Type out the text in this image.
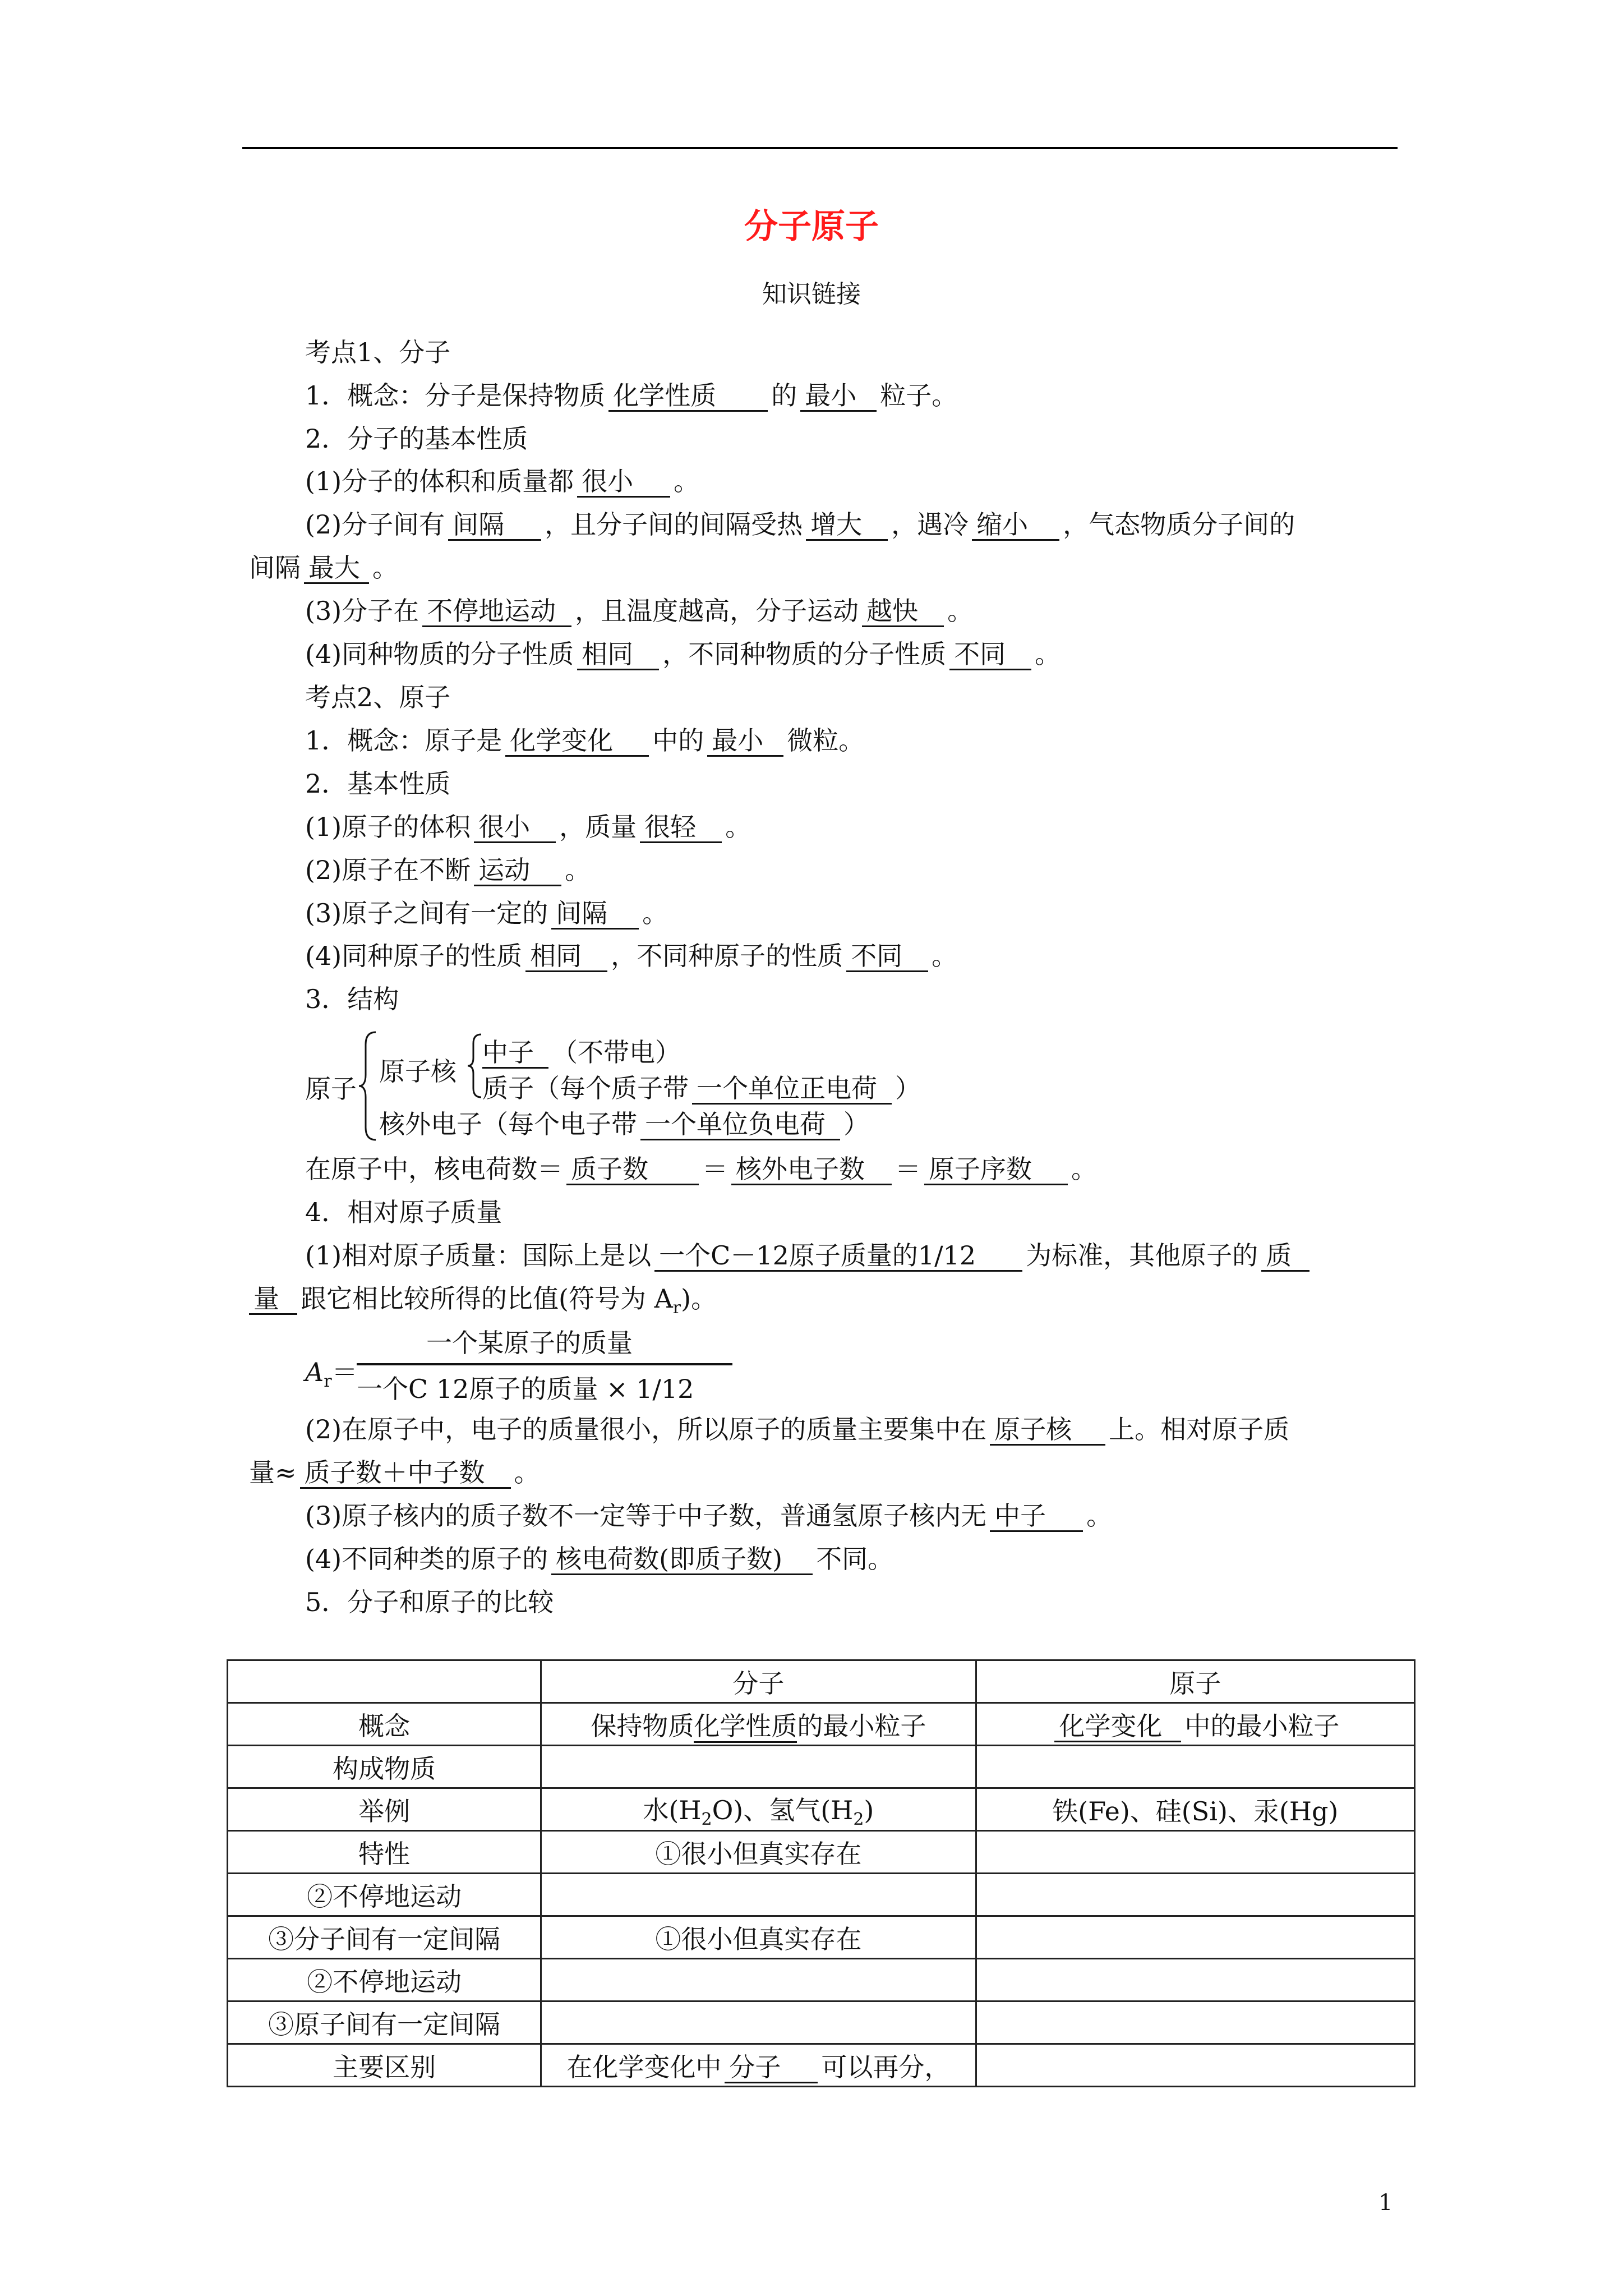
分子原子
知识链接
考点1、分子
1．概念：分子是保持物质 化学性质 的 最小 粒子。
2．分子的基本性质
(1)分子的体积和质量都 很小 。
(2)分子间有 间隔 ，且分子间的间隔受热 增大 ，遇冷 缩小 ，气态物质分子间的
间隔 最大 。
(3)分子在 不停地运动 ，且温度越高，分子运动 越快 。
(4)同种物质的分子性质 相同 ，不同种物质的分子性质 不同 。
考点2、原子
1．概念：原子是 化学变化 中的 最小 微粒。
2．基本性质
(1)原子的体积 很小 ，质量 很轻 。
(2)原子在不断 运动 。
(3)原子之间有一定的 间隔 。
(4)同种原子的性质 相同 ，不同种原子的性质 不同 。
3．结构
原子
原子核
中子 （不带电）
质子（每个质子带 一个单位正电荷 ）
核外电子（每个电子带 一个单位负电荷 ）
在原子中，核电荷数＝ 质子数 ＝ 核外电子数 ＝ 原子序数 。
4．相对原子质量
(1)相对原子质量：国际上是以 一个C－12原子质量的1/12 为标准，其他原子的 质
量 跟它相比较所得的比值(符号为 $A_r$)。
$A_r=$
一个某原子的质量
一个C 12原子的质量 × 1/12
(2)在原子中，电子的质量很小，所以原子的质量主要集中在 原子核 上。相对原子质
量≈ 质子数＋中子数 。
(3)原子核内的质子数不一定等于中子数，普通氢原子核内无 中子 。
(4)不同种类的原子的 核电荷数(即质子数) 不同。
5．分子和原子的比较
	分子	原子
概念	保持物质化学性质的最小粒子	化学变化 中的最小粒子
构成物质		
举例	水$(H_2O)$、氢气$(H_2)$	铁(Fe)、硅(Si)、汞(Hg)
特性	①很小但真实存在	
②不停地运动		
③分子间有一定间隔	①很小但真实存在	
②不停地运动		
③原子间有一定间隔		
主要区别	在化学变化中 分子 可以再分，	
1
